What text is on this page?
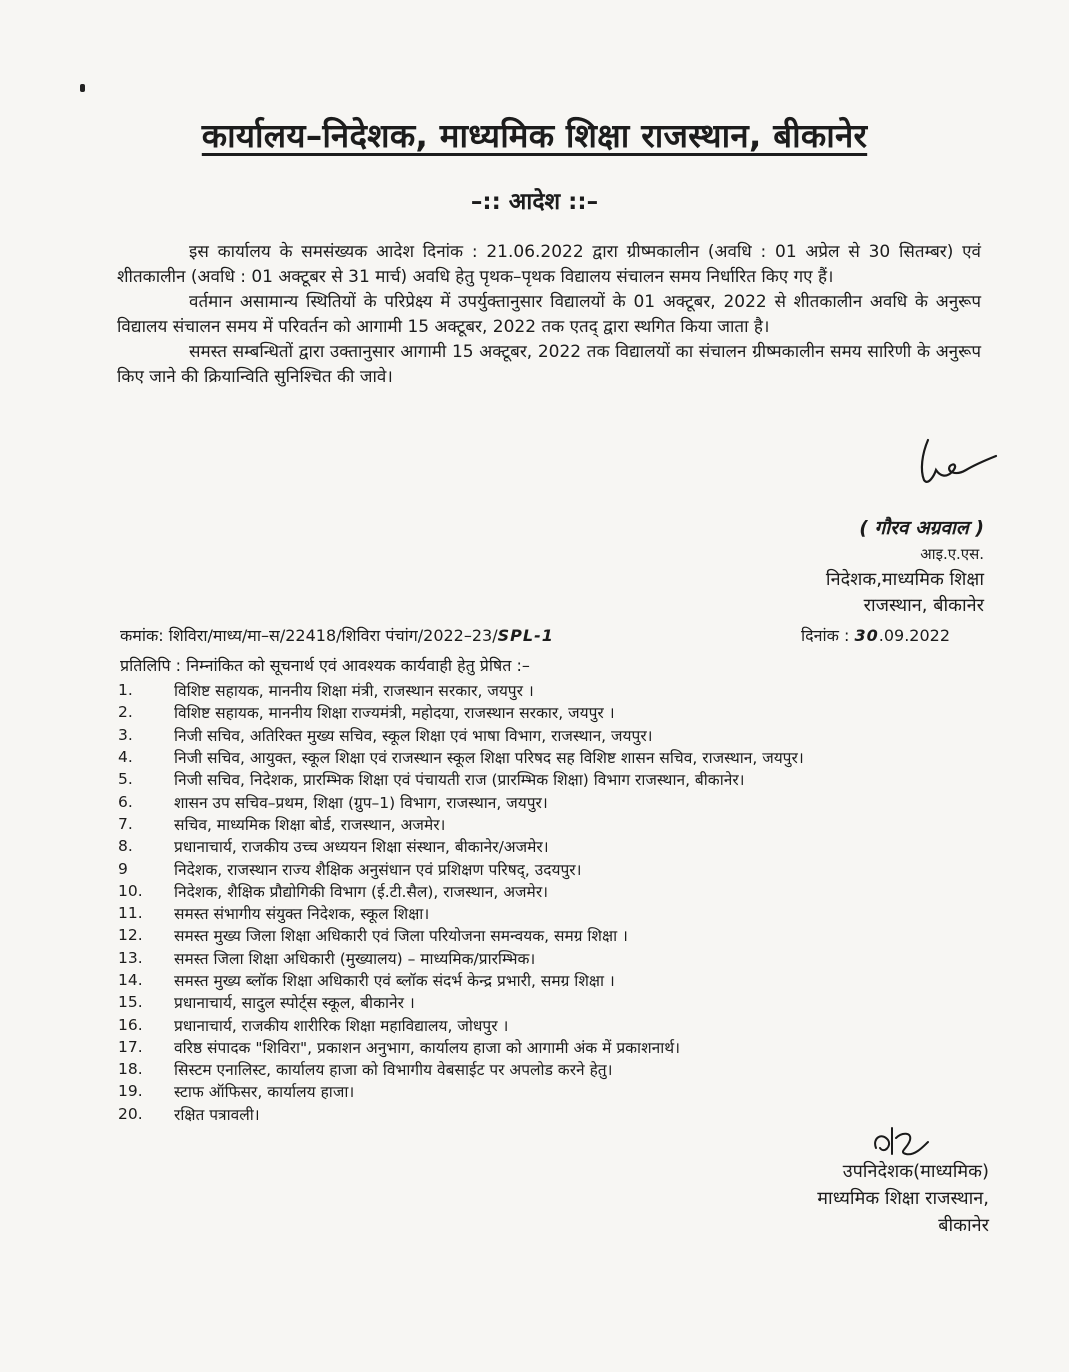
कार्यालय–निदेशक, माध्यमिक शिक्षा राजस्थान, बीकानेर
–:: आदेश ::–

इस कार्यालय के समसंख्यक आदेश दिनांक : 21.06.2022 द्वारा ग्रीष्मकालीन (अवधि : 01 अप्रेल से 30 सितम्बर) एवं शीतकालीन (अवधि : 01 अक्टूबर से 31 मार्च) अवधि हेतु पृथक–पृथक विद्यालय संचालन समय निर्धारित किए गए हैं।

वर्तमान असामान्य स्थितियों के परिप्रेक्ष्य में उपर्युक्तानुसार विद्यालयों के 01 अक्टूबर, 2022 से शीतकालीन अवधि के अनुरूप विद्यालय संचालन समय में परिवर्तन को आगामी 15 अक्टूबर, 2022 तक एतद् द्वारा स्थगित किया जाता है।

समस्त सम्बन्धितों द्वारा उक्तानुसार आगामी 15 अक्टूबर, 2022 तक विद्यालयों का संचालन ग्रीष्मकालीन समय सारिणी के अनुरूप किए जाने की क्रियान्विति सुनिश्चित की जावे।

( गौरव अग्रवाल )
आइ.ए.एस.
निदेशक,माध्यमिक शिक्षा
राजस्थान, बीकानेर
कमांक: शिविरा/माध्य/मा–स/22418/शिविरा पंचांग/2022–23/SPL-1	दिनांक : 30.09.2022
प्रतिलिपि : निम्नांकित को सूचनार्थ एवं आवश्यक कार्यवाही हेतु प्रेषित :–
1.	विशिष्ट सहायक, माननीय शिक्षा मंत्री, राजस्थान सरकार, जयपुर ।
2.	विशिष्ट सहायक, माननीय शिक्षा राज्यमंत्री, महोदया, राजस्थान सरकार, जयपुर ।
3.	निजी सचिव, अतिरिक्त मुख्य सचिव, स्कूल शिक्षा एवं भाषा विभाग, राजस्थान, जयपुर।
4.	निजी सचिव, आयुक्त, स्कूल शिक्षा एवं राजस्थान स्कूल शिक्षा परिषद सह विशिष्ट शासन सचिव, राजस्थान, जयपुर।
5.	निजी सचिव, निदेशक, प्रारम्भिक शिक्षा एवं पंचायती राज (प्रारम्भिक शिक्षा) विभाग राजस्थान, बीकानेर।
6.	शासन उप सचिव–प्रथम, शिक्षा (ग्रुप–1) विभाग, राजस्थान, जयपुर।
7.	सचिव, माध्यमिक शिक्षा बोर्ड, राजस्थान, अजमेर।
8.	प्रधानाचार्य, राजकीय उच्च अध्ययन शिक्षा संस्थान, बीकानेर/अजमेर।
9	निदेशक, राजस्थान राज्य शैक्षिक अनुसंधान एवं प्रशिक्षण परिषद्, उदयपुर।
10.	निदेशक, शैक्षिक प्रौद्योगिकी विभाग (ई.टी.सैल), राजस्थान, अजमेर।
11.	समस्त संभागीय संयुक्त निदेशक, स्कूल शिक्षा।
12.	समस्त मुख्य जिला शिक्षा अधिकारी एवं जिला परियोजना समन्वयक, समग्र शिक्षा ।
13.	समस्त जिला शिक्षा अधिकारी (मुख्यालय) – माध्यमिक/प्रारम्भिक।
14.	समस्त मुख्य ब्लॉक शिक्षा अधिकारी एवं ब्लॉक संदर्भ केन्द्र प्रभारी, समग्र शिक्षा ।
15.	प्रधानाचार्य, सादुल स्पोर्ट्स स्कूल, बीकानेर ।
16.	प्रधानाचार्य, राजकीय शारीरिक शिक्षा महाविद्यालय, जोधपुर ।
17.	वरिष्ठ संपादक "शिविरा", प्रकाशन अनुभाग, कार्यालय हाजा को आगामी अंक में प्रकाशनार्थ।
18.	सिस्टम एनालिस्ट, कार्यालय हाजा को विभागीय वेबसाईट पर अपलोड करने हेतु।
19.	स्टाफ ऑफिसर, कार्यालय हाजा।
20.	रक्षित पत्रावली।
उपनिदेशक(माध्यमिक)
माध्यमिक शिक्षा राजस्थान,
बीकानेर
